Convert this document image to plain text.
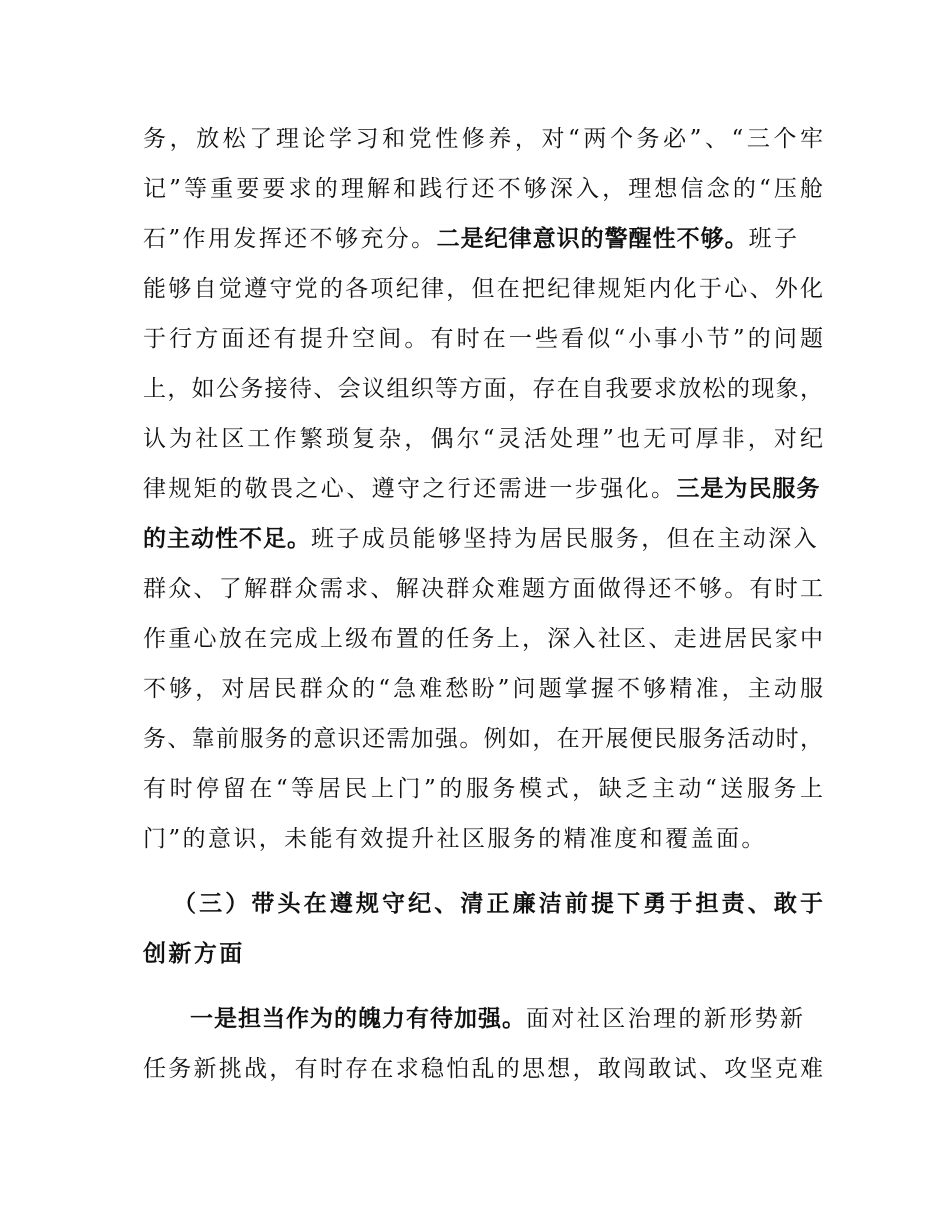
务，放松了理论学习和党性修养，对“两个务必”、“三个牢
记”等重要要求的理解和践行还不够深入，理想信念的“压舱
石”作用发挥还不够充分。二是纪律意识的警醒性不够。班子
能够自觉遵守党的各项纪律，但在把纪律规矩内化于心、外化
于行方面还有提升空间。有时在一些看似“小事小节”的问题
上，如公务接待、会议组织等方面，存在自我要求放松的现象，
认为社区工作繁琐复杂，偶尔“灵活处理”也无可厚非，对纪
律规矩的敬畏之心、遵守之行还需进一步强化。三是为民服务
的主动性不足。班子成员能够坚持为居民服务，但在主动深入
群众、了解群众需求、解决群众难题方面做得还不够。有时工
作重心放在完成上级布置的任务上，深入社区、走进居民家中
不够，对居民群众的“急难愁盼”问题掌握不够精准，主动服
务、靠前服务的意识还需加强。例如，在开展便民服务活动时，
有时停留在“等居民上门”的服务模式，缺乏主动“送服务上
门”的意识，未能有效提升社区服务的精准度和覆盖面。
（三）带头在遵规守纪、清正廉洁前提下勇于担责、敢于
创新方面
一是担当作为的魄力有待加强。面对社区治理的新形势新
任务新挑战，有时存在求稳怕乱的思想，敢闯敢试、攻坚克难
